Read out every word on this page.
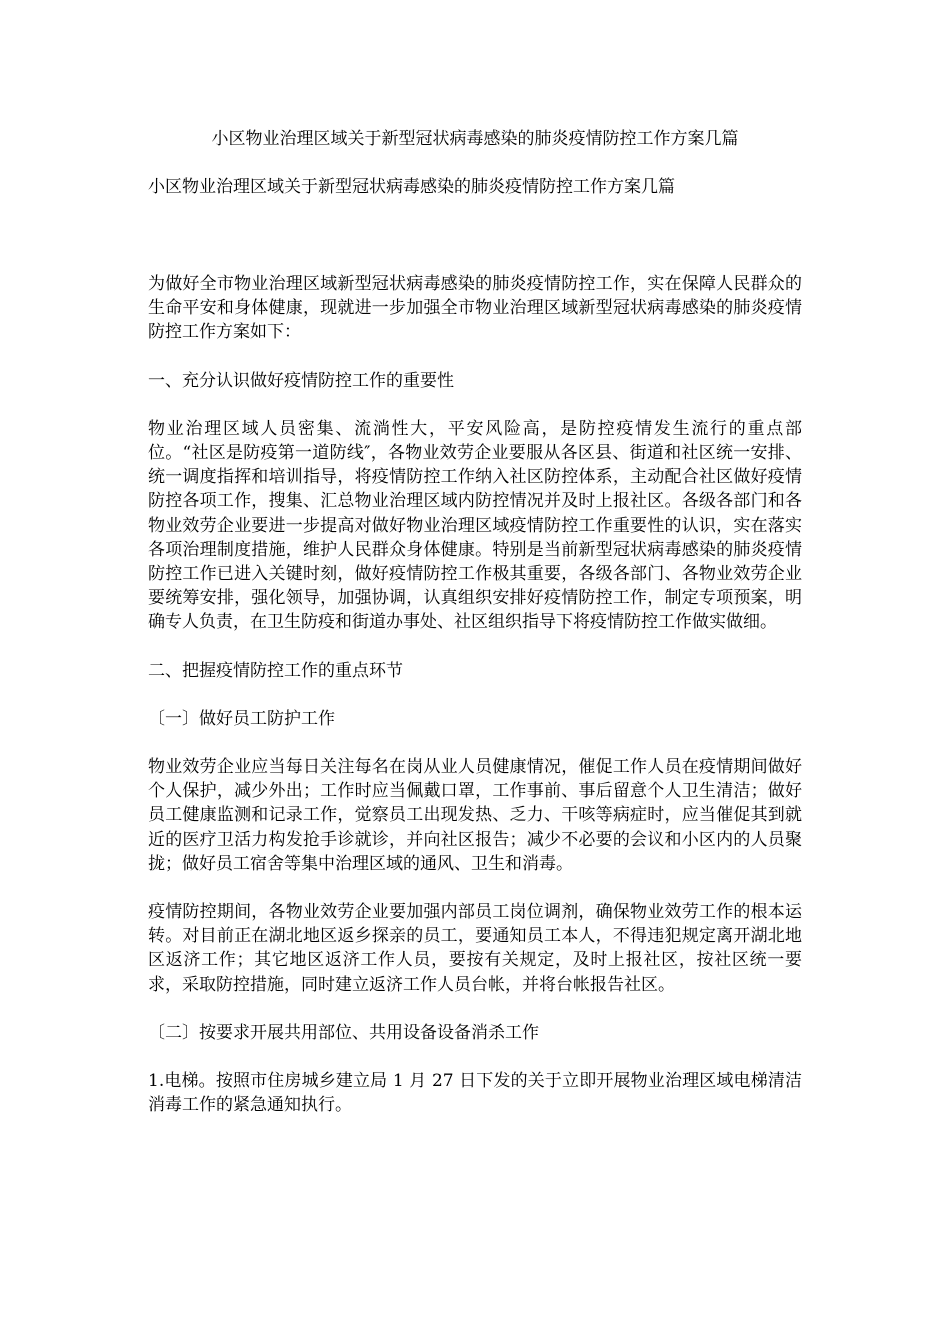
小区物业治理区域关于新型冠状病毒感染的肺炎疫情防控工作方案几篇
小区物业治理区域关于新型冠状病毒感染的肺炎疫情防控工作方案几篇

为做好全市物业治理区域新型冠状病毒感染的肺炎疫情防控工作，实在保障人民群众的生命平安和身体健康，现就进一步加强全市物业治理区域新型冠状病毒感染的肺炎疫情防控工作方案如下：

一、充分认识做好疫情防控工作的重要性

物业治理区域人员密集、流淌性大，平安风险高，是防控疫情发生流行的重点部位。“社区是防疫第一道防线″，各物业效劳企业要服从各区县、街道和社区统一安排、统一调度指挥和培训指导，将疫情防控工作纳入社区防控体系，主动配合社区做好疫情防控各项工作，搜集、汇总物业治理区域内防控情况并及时上报社区。各级各部门和各物业效劳企业要进一步提高对做好物业治理区域疫情防控工作重要性的认识，实在落实各项治理制度措施，维护人民群众身体健康。特别是当前新型冠状病毒感染的肺炎疫情防控工作已进入关键时刻，做好疫情防控工作极其重要，各级各部门、各物业效劳企业要统筹安排，强化领导，加强协调，认真组织安排好疫情防控工作，制定专项预案，明确专人负责，在卫生防疫和街道办事处、社区组织指导下将疫情防控工作做实做细。

二、把握疫情防控工作的重点环节

〔一〕做好员工防护工作

物业效劳企业应当每日关注每名在岗从业人员健康情况，催促工作人员在疫情期间做好个人保护，减少外出；工作时应当佩戴口罩，工作事前、事后留意个人卫生清洁；做好员工健康监测和记录工作，觉察员工出现发热、乏力、干咳等病症时，应当催促其到就近的医疗卫活力构发抢手诊就诊，并向社区报告；减少不必要的会议和小区内的人员聚拢；做好员工宿舍等集中治理区域的通风、卫生和消毒。

疫情防控期间，各物业效劳企业要加强内部员工岗位调剂，确保物业效劳工作的根本运转。对目前正在湖北地区返乡探亲的员工，要通知员工本人，不得违犯规定离开湖北地区返济工作；其它地区返济工作人员，要按有关规定，及时上报社区，按社区统一要求，采取防控措施，同时建立返济工作人员台帐，并将台帐报告社区。

〔二〕按要求开展共用部位、共用设备设备消杀工作

1.电梯。按照市住房城乡建立局 1 月 27 日下发的关于立即开展物业治理区域电梯清洁消毒工作的紧急通知执行。
